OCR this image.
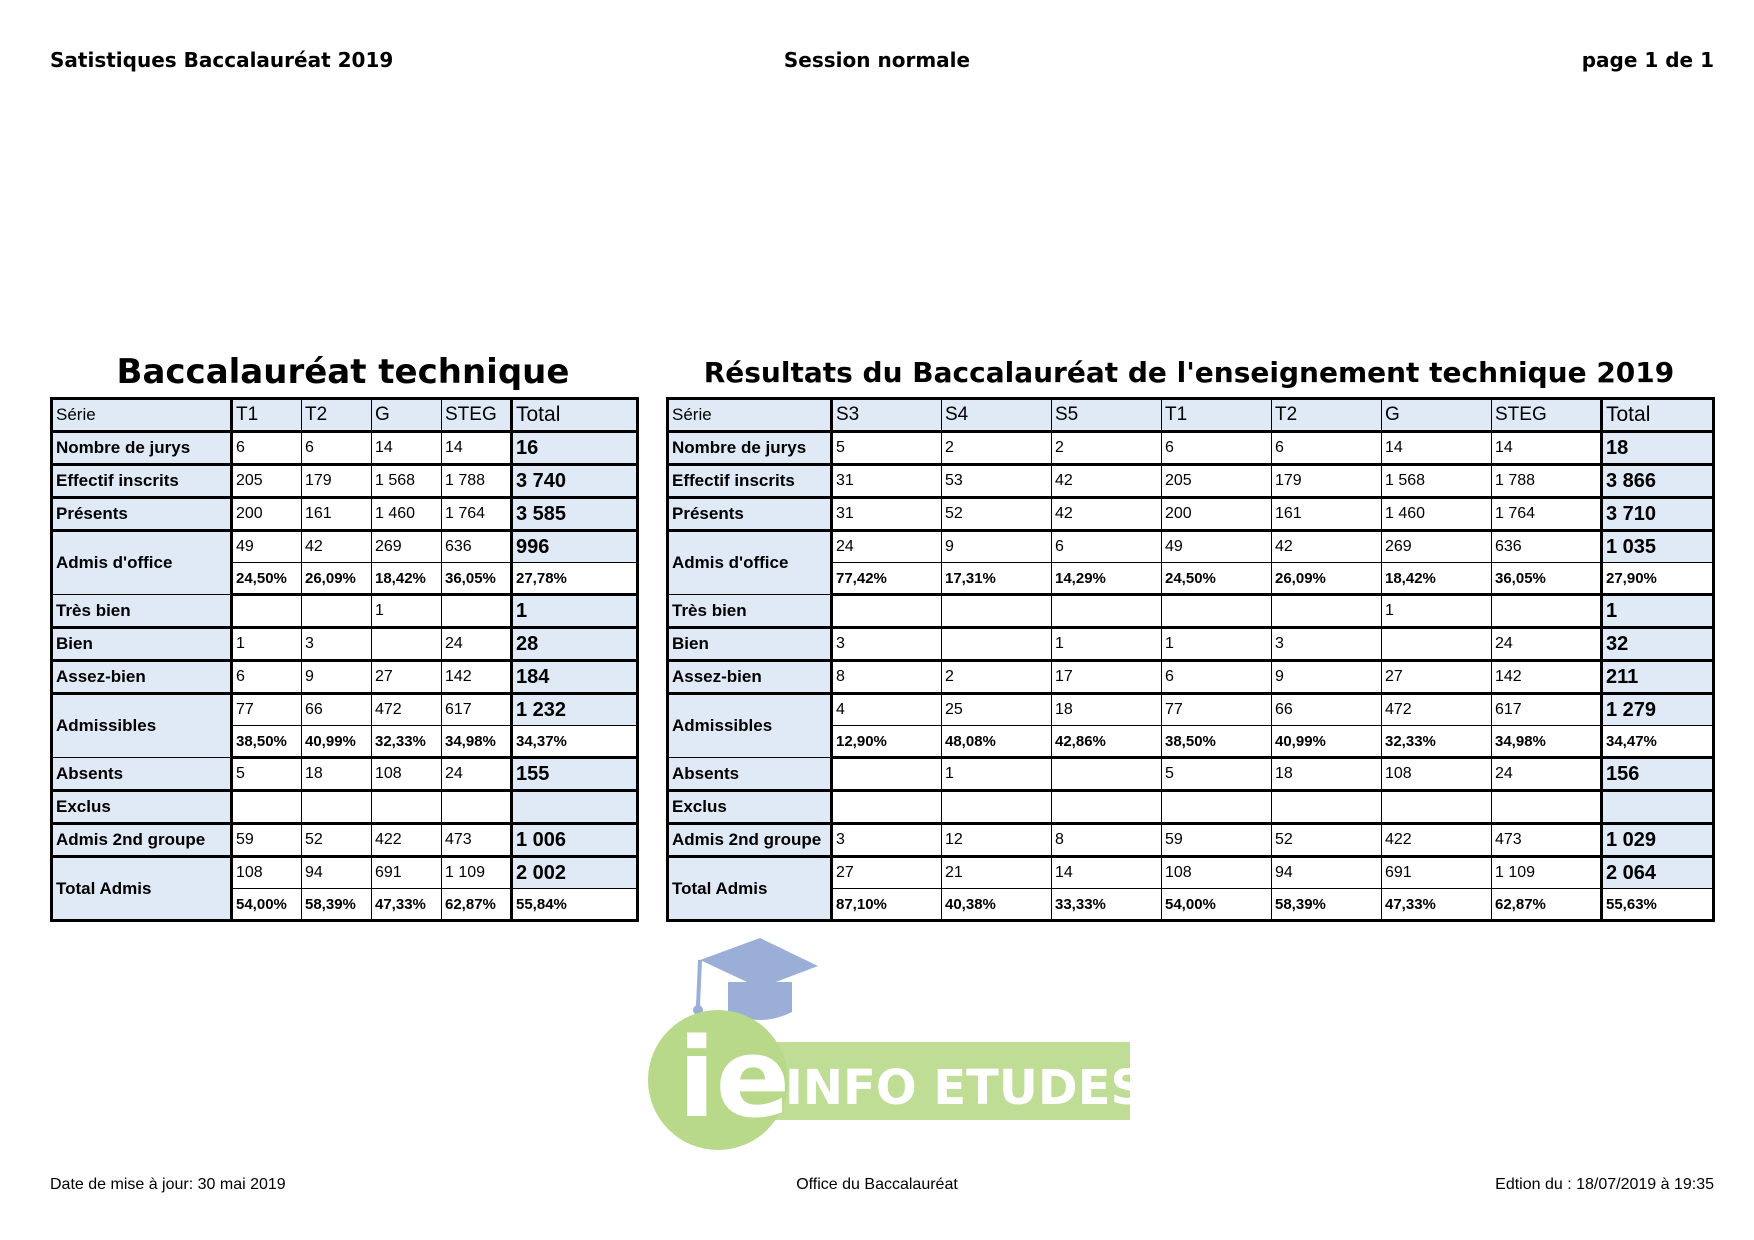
Satistiques Baccalauréat 2019	Session normale	page 1 de 1
Baccalauréat technique	Résultats du Baccalauréat de l'enseignement technique 2019
Série	T1	T2	G	STEG	Total
Nombre de jurys	6	6	14	14	16
Effectif inscrits	205	179	1 568	1 788	3 740
Présents	200	161	1 460	1 764	3 585
Admis d'office	49	42	269	636	996
	24,50%	26,09%	18,42%	36,05%	27,78%
Très bien			1		1
Bien	1	3		24	28
Assez-bien	6	9	27	142	184
Admissibles	77	66	472	617	1 232
	38,50%	40,99%	32,33%	34,98%	34,37%
Absents	5	18	108	24	155
Exclus					
Admis 2nd groupe	59	52	422	473	1 006
Total Admis	108	94	691	1 109	2 002
	54,00%	58,39%	47,33%	62,87%	55,84%
Série	S3	S4	S5	T1	T2	G	STEG	Total
Nombre de jurys	5	2	2	6	6	14	14	18
Effectif inscrits	31	53	42	205	179	1 568	1 788	3 866
Présents	31	52	42	200	161	1 460	1 764	3 710
Admis d'office	24	9	6	49	42	269	636	1 035
	77,42%	17,31%	14,29%	24,50%	26,09%	18,42%	36,05%	27,90%
Très bien						1		1
Bien	3		1	1	3		24	32
Assez-bien	8	2	17	6	9	27	142	211
Admissibles	4	25	18	77	66	472	617	1 279
	12,90%	48,08%	42,86%	38,50%	40,99%	32,33%	34,98%	34,47%
Absents		1		5	18	108	24	156
Exclus								
Admis 2nd groupe	3	12	8	59	52	422	473	1 029
Total Admis	27	21	14	108	94	691	1 109	2 064
	87,10%	40,38%	33,33%	54,00%	58,39%	47,33%	62,87%	55,63%
ie
INFO ETUDES
Date de mise à jour: 30 mai 2019	Office du Baccalauréat	Edtion du : 18/07/2019 à 19:35
